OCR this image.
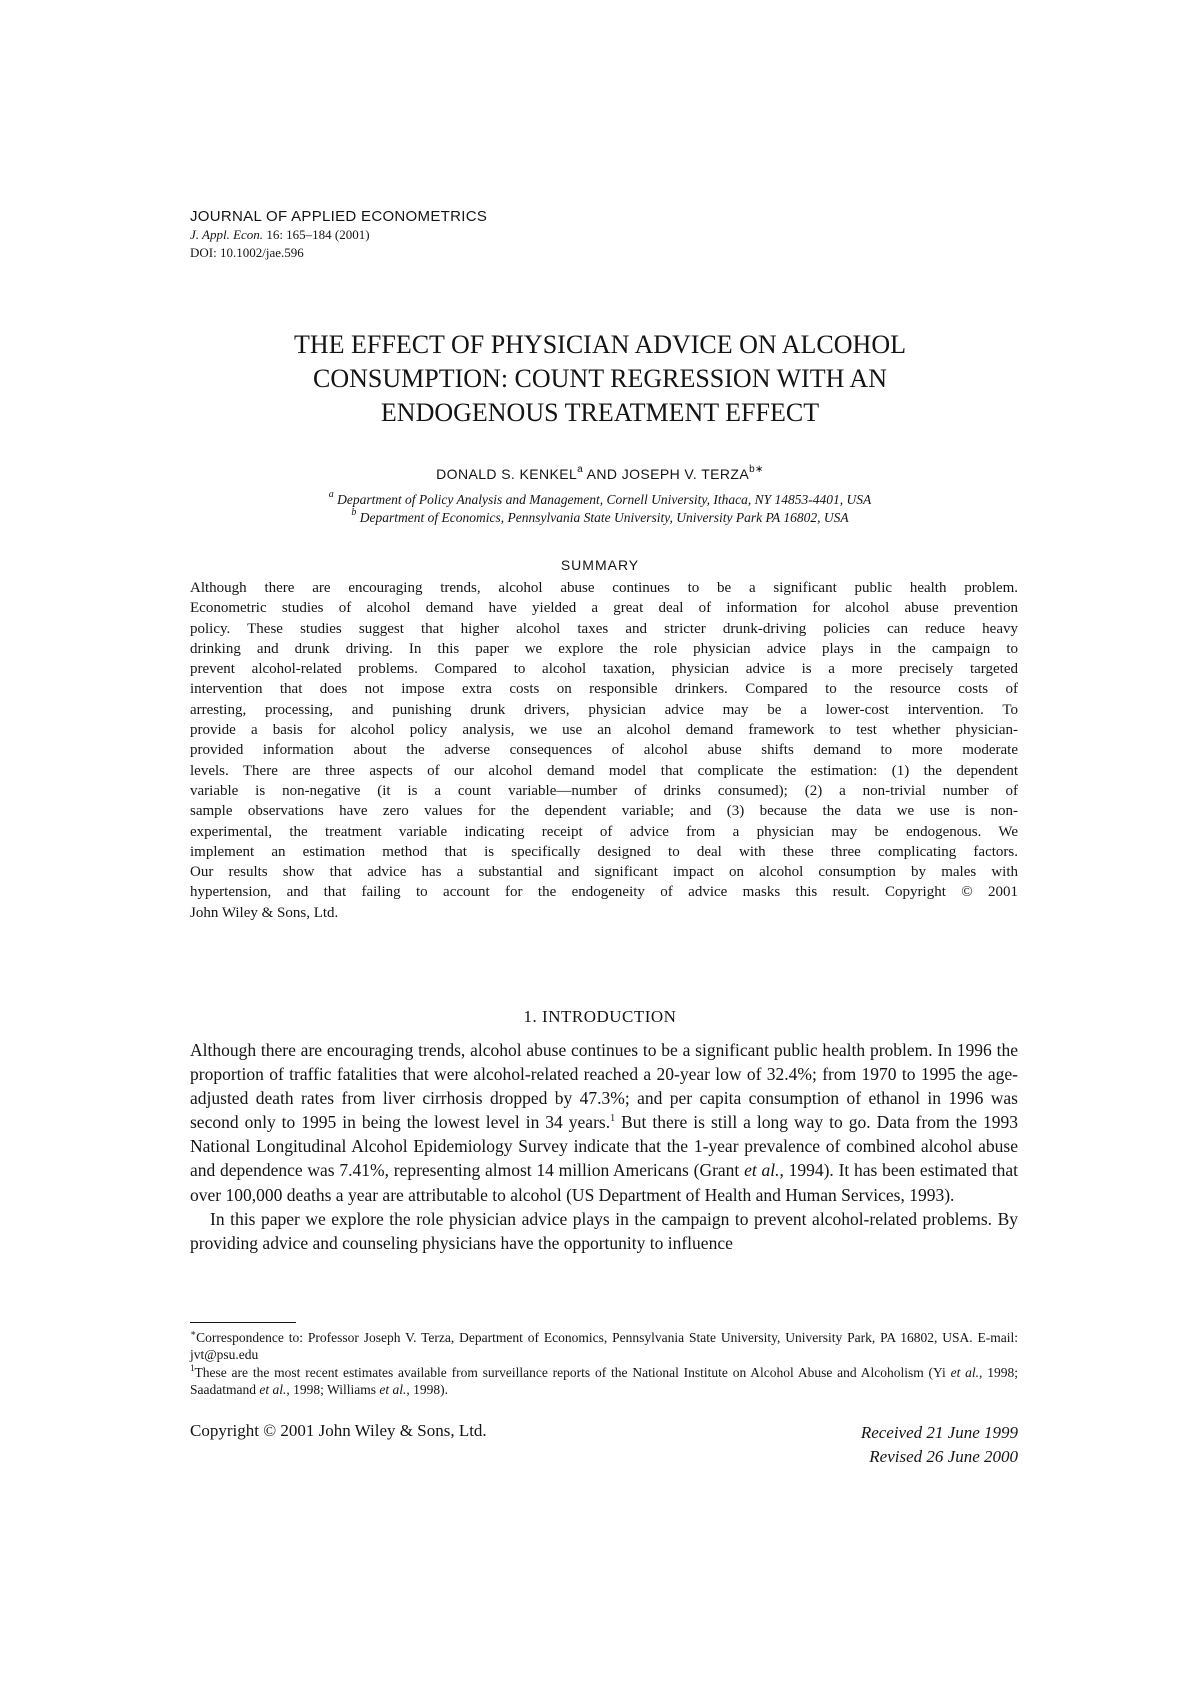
JOURNAL OF APPLIED ECONOMETRICS
J. Appl. Econ. 16: 165–184 (2001)
DOI: 10.1002/jae.596
THE EFFECT OF PHYSICIAN ADVICE ON ALCOHOL
CONSUMPTION: COUNT REGRESSION WITH AN
ENDOGENOUS TREATMENT EFFECT
DONALD S. KENKEL$^a$ AND JOSEPH V. $TERZA^{b∗}$
$^a$ Department of Policy Analysis and Management, Cornell University, Ithaca, NY 14853-4401, USA
$^b$ Department of Economics, Pennsylvania State University, University Park PA 16802, USA
SUMMARY
Although there are encouraging trends, alcohol abuse continues to be a significant public health problem.
Econometric studies of alcohol demand have yielded a great deal of information for alcohol abuse prevention
policy. These studies suggest that higher alcohol taxes and stricter drunk-driving policies can reduce heavy
drinking and drunk driving. In this paper we explore the role physician advice plays in the campaign to
prevent alcohol-related problems. Compared to alcohol taxation, physician advice is a more precisely targeted
intervention that does not impose extra costs on responsible drinkers. Compared to the resource costs of
arresting, processing, and punishing drunk drivers, physician advice may be a lower-cost intervention. To
provide a basis for alcohol policy analysis, we use an alcohol demand framework to test whether physician-
provided information about the adverse consequences of alcohol abuse shifts demand to more moderate
levels. There are three aspects of our alcohol demand model that complicate the estimation: (1) the dependent
variable is non-negative (it is a count variable—number of drinks consumed); (2) a non-trivial number of
sample observations have zero values for the dependent variable; and (3) because the data we use is non-
experimental, the treatment variable indicating receipt of advice from a physician may be endogenous. We
implement an estimation method that is specifically designed to deal with these three complicating factors.
Our results show that advice has a substantial and significant impact on alcohol consumption by males with
hypertension, and that failing to account for the endogeneity of advice masks this result. Copyright © 2001
John Wiley & Sons, Ltd.
1. INTRODUCTION

Although there are encouraging trends, alcohol abuse continues to be a significant public health problem. In 1996 the proportion of traffic fatalities that were alcohol-related reached a 20-year low of 32.4%; from 1970 to 1995 the age-adjusted death rates from liver cirrhosis dropped by 47.3%; and per capita consumption of ethanol in 1996 was second only to 1995 in being the lowest level in 34 years.$^1$ But there is still a long way to go. Data from the 1993 National Longitudinal Alcohol Epidemiology Survey indicate that the 1-year prevalence of combined alcohol abuse and dependence was 7.41%, representing almost 14 million Americans (Grant et al., 1994). It has been estimated that over 100,000 deaths a year are attributable to alcohol (US Department of Health and Human Services, 1993).

In this paper we explore the role physician advice plays in the campaign to prevent alcohol-related problems. By providing advice and counseling physicians have the opportunity to influence

∗Correspondence to: Professor Joseph V. Terza, Department of Economics, Pennsylvania State University, University Park, PA 16802, USA. E-mail: jvt@psu.edu

$^1$These are the most recent estimates available from surveillance reports of the National Institute on Alcohol Abuse and Alcoholism (Yi et al., 1998; Saadatmand et al., 1998; Williams et al., 1998).

Copyright © 2001 John Wiley & Sons, Ltd.	Received 21 June 1999
Revised 26 June 2000
